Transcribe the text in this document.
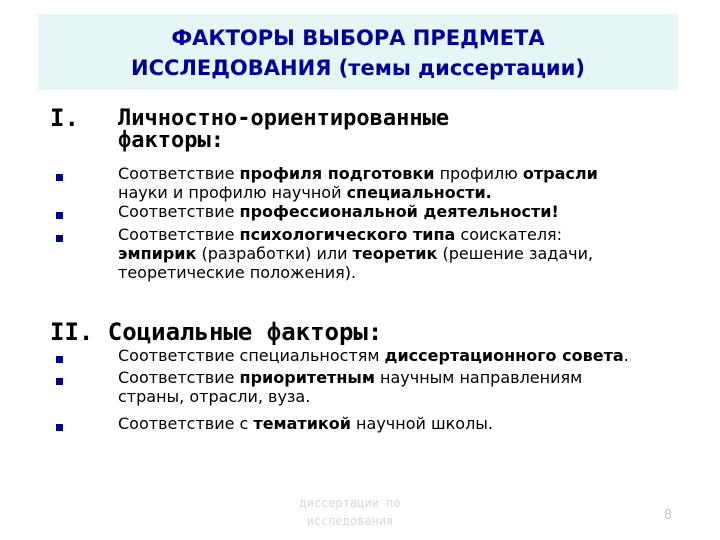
ФАКТОРЫ ВЫБОРА ПРЕДМЕТА
ИССЛЕДОВАНИЯ (темы диссертации)
I. Личностно-ориентированные
факторы:
Соответствие профиля подготовки профилю отрасли
науки и профилю научной специальности.
Соответствие профессиональной деятельности!
Соответствие психологического типа соискателя:
эмпирик (разработки) или теоретик (решение задачи,
теоретические положения).
II. Социальные факторы:
Соответствие специальностям диссертационного совета.
Соответствие приоритетным научным направлениям
страны, отрасли, вуза.
Соответствие с тематикой научной школы.
диссертации по
исследования	8
